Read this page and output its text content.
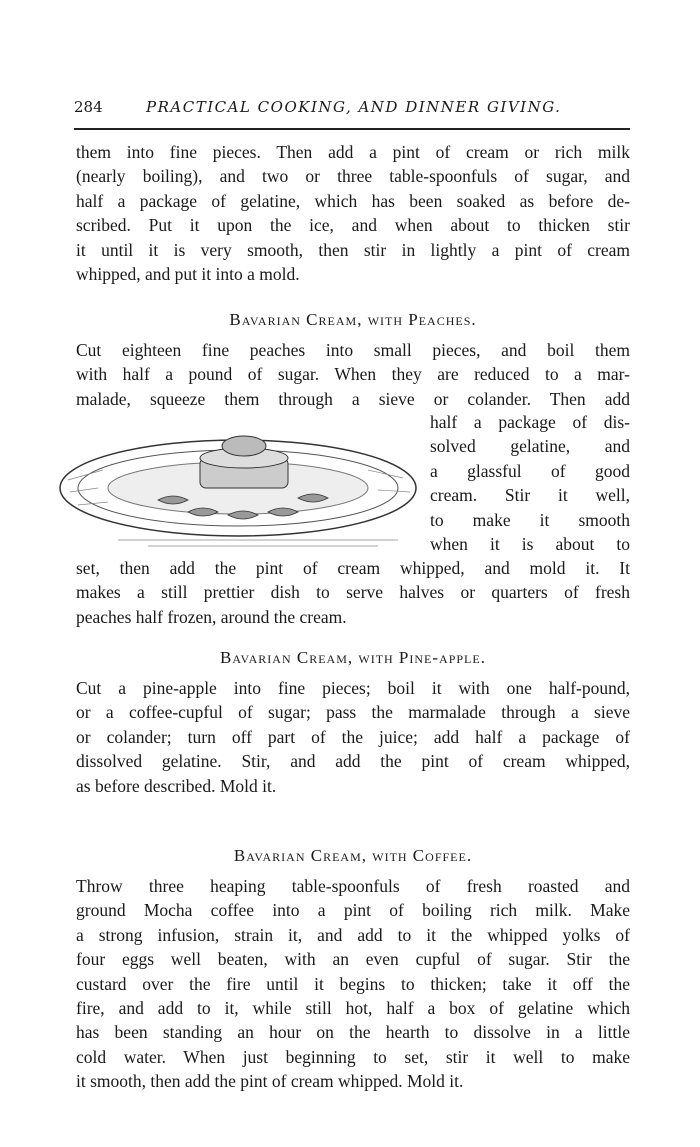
284	PRACTICAL COOKING, AND DINNER GIVING.
them into fine pieces. Then add a pint of cream or rich milk
(nearly boiling), and two or three table-spoonfuls of sugar, and
half a package of gelatine, which has been soaked as before de-
scribed. Put it upon the ice, and when about to thicken stir
it until it is very smooth, then stir in lightly a pint of cream
whipped, and put it into a mold.
Bavarian Cream, with Peaches.
Cut eighteen fine peaches into small pieces, and boil them
with half a pound of sugar. When they are reduced to a mar-
malade, squeeze them through a sieve or colander. Then add
half a package of dis-
solved gelatine, and
a glassful of good
cream. Stir it well,
to make it smooth
when it is about to
set, then add the pint of cream whipped, and mold it. It
makes a still prettier dish to serve halves or quarters of fresh
peaches half frozen, around the cream.
Bavarian Cream, with Pine-apple.
Cut a pine-apple into fine pieces; boil it with one half-pound,
or a coffee-cupful of sugar; pass the marmalade through a sieve
or colander; turn off part of the juice; add half a package of
dissolved gelatine. Stir, and add the pint of cream whipped,
as before described. Mold it.
Bavarian Cream, with Coffee.
Throw three heaping table-spoonfuls of fresh roasted and
ground Mocha coffee into a pint of boiling rich milk. Make
a strong infusion, strain it, and add to it the whipped yolks of
four eggs well beaten, with an even cupful of sugar. Stir the
custard over the fire until it begins to thicken; take it off the
fire, and add to it, while still hot, half a box of gelatine which
has been standing an hour on the hearth to dissolve in a little
cold water. When just beginning to set, stir it well to make
it smooth, then add the pint of cream whipped. Mold it.
